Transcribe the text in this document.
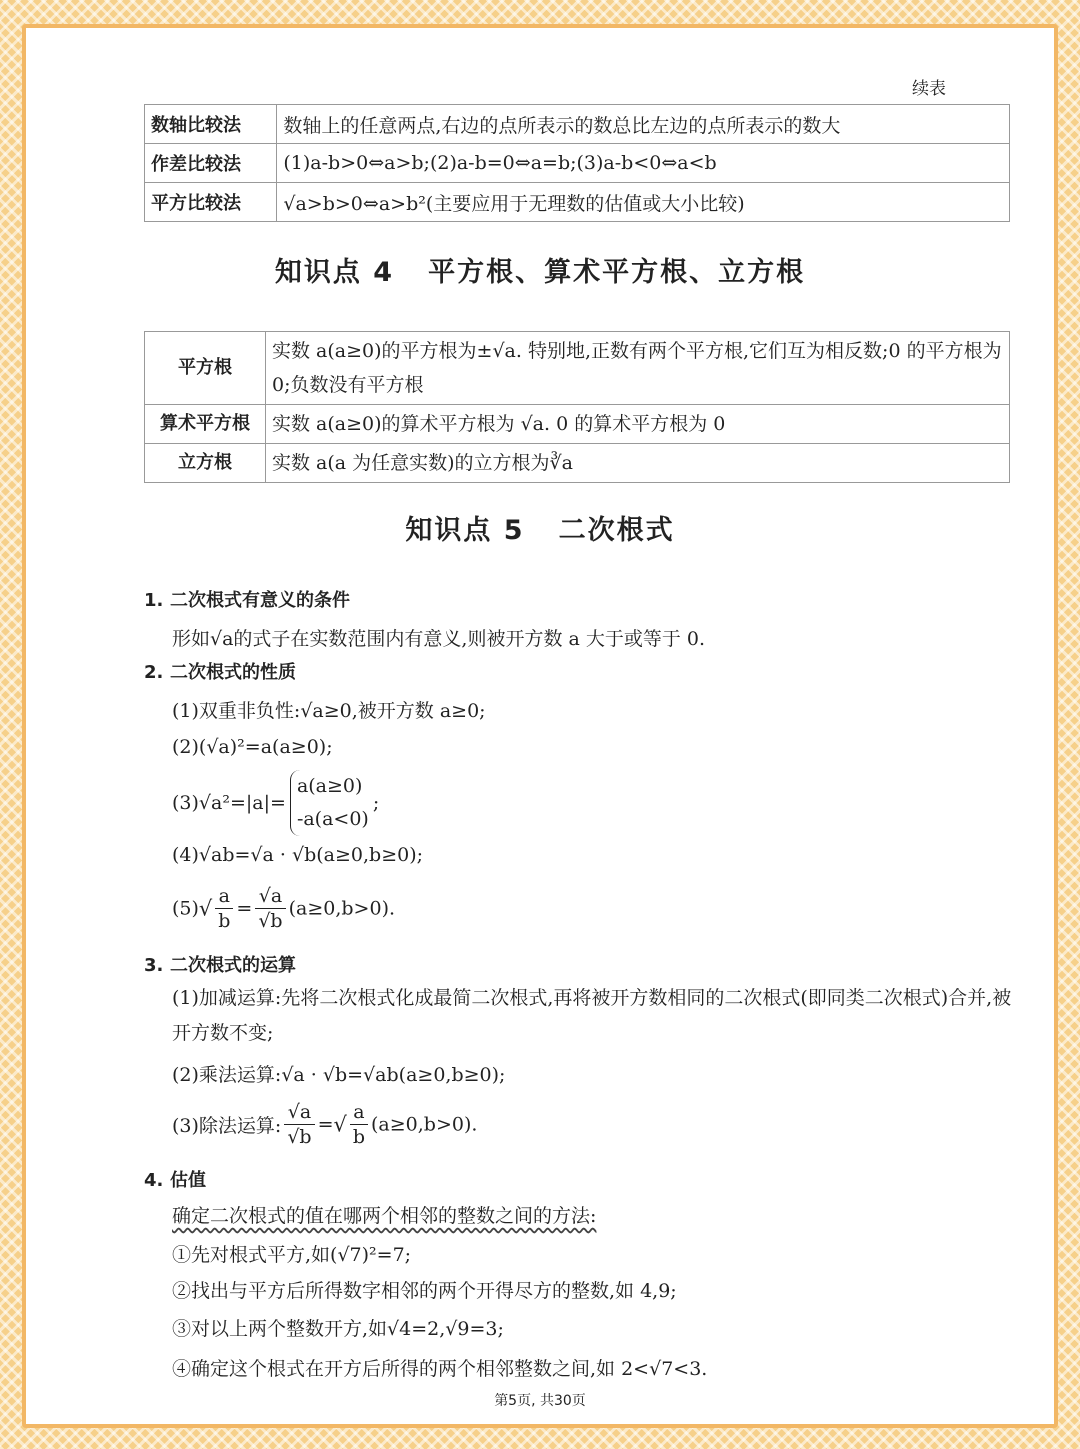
续表
数轴比较法	数轴上的任意两点,右边的点所表示的数总比左边的点所表示的数大
作差比较法	(1)a-b>0⇔a>b;(2)a-b=0⇔a=b;(3)a-b<0⇔a<b
平方比较法	√a>b>0⇔a>b²(主要应用于无理数的估值或大小比较)
知识点 4 平方根、算术平方根、立方根
平方根	实数 a(a≥0)的平方根为±√a. 特别地,正数有两个平方根,它们互为相反数;0 的平方根为 0;负数没有平方根
算术平方根	实数 a(a≥0)的算术平方根为 √a. 0 的算术平方根为 0
立方根	实数 a(a 为任意实数)的立方根为∛a
知识点 5 二次根式
1. 二次根式有意义的条件
形如√a的式子在实数范围内有意义,则被开方数 a 大于或等于 0.
2. 二次根式的性质
(1)双重非负性:√a≥0,被开方数 a≥0;
(2)(√a)²=a(a≥0);
(3)√a²=|a|=
a(a≥0)
-a(a<0)
;
(4)√ab=√a · √b(a≥0,b≥0);
$(5)√ \frac{a}{b} = \frac{√a}{√b} (a\ge 0,b>0)$.
3. 二次根式的运算
(1)加减运算:先将二次根式化成最简二次根式,再将被开方数相同的二次根式(即同类二次根式)合并,被开方数不变;
(2)乘法运算:√a · √b=√ab(a≥0,b≥0);
(3)除法运算: $\frac{√a}{√b}$ =√ $\frac{a}{b} (a\ge 0,b>0)$.
4. 估值
确定二次根式的值在哪两个相邻的整数之间的方法:
①先对根式平方,如(√7)²=7;
②找出与平方后所得数字相邻的两个开得尽方的整数,如 4,9;
③对以上两个整数开方,如√4=2,√9=3;
④确定这个根式在开方后所得的两个相邻整数之间,如 2<√7<3.
第5页, 共30页
